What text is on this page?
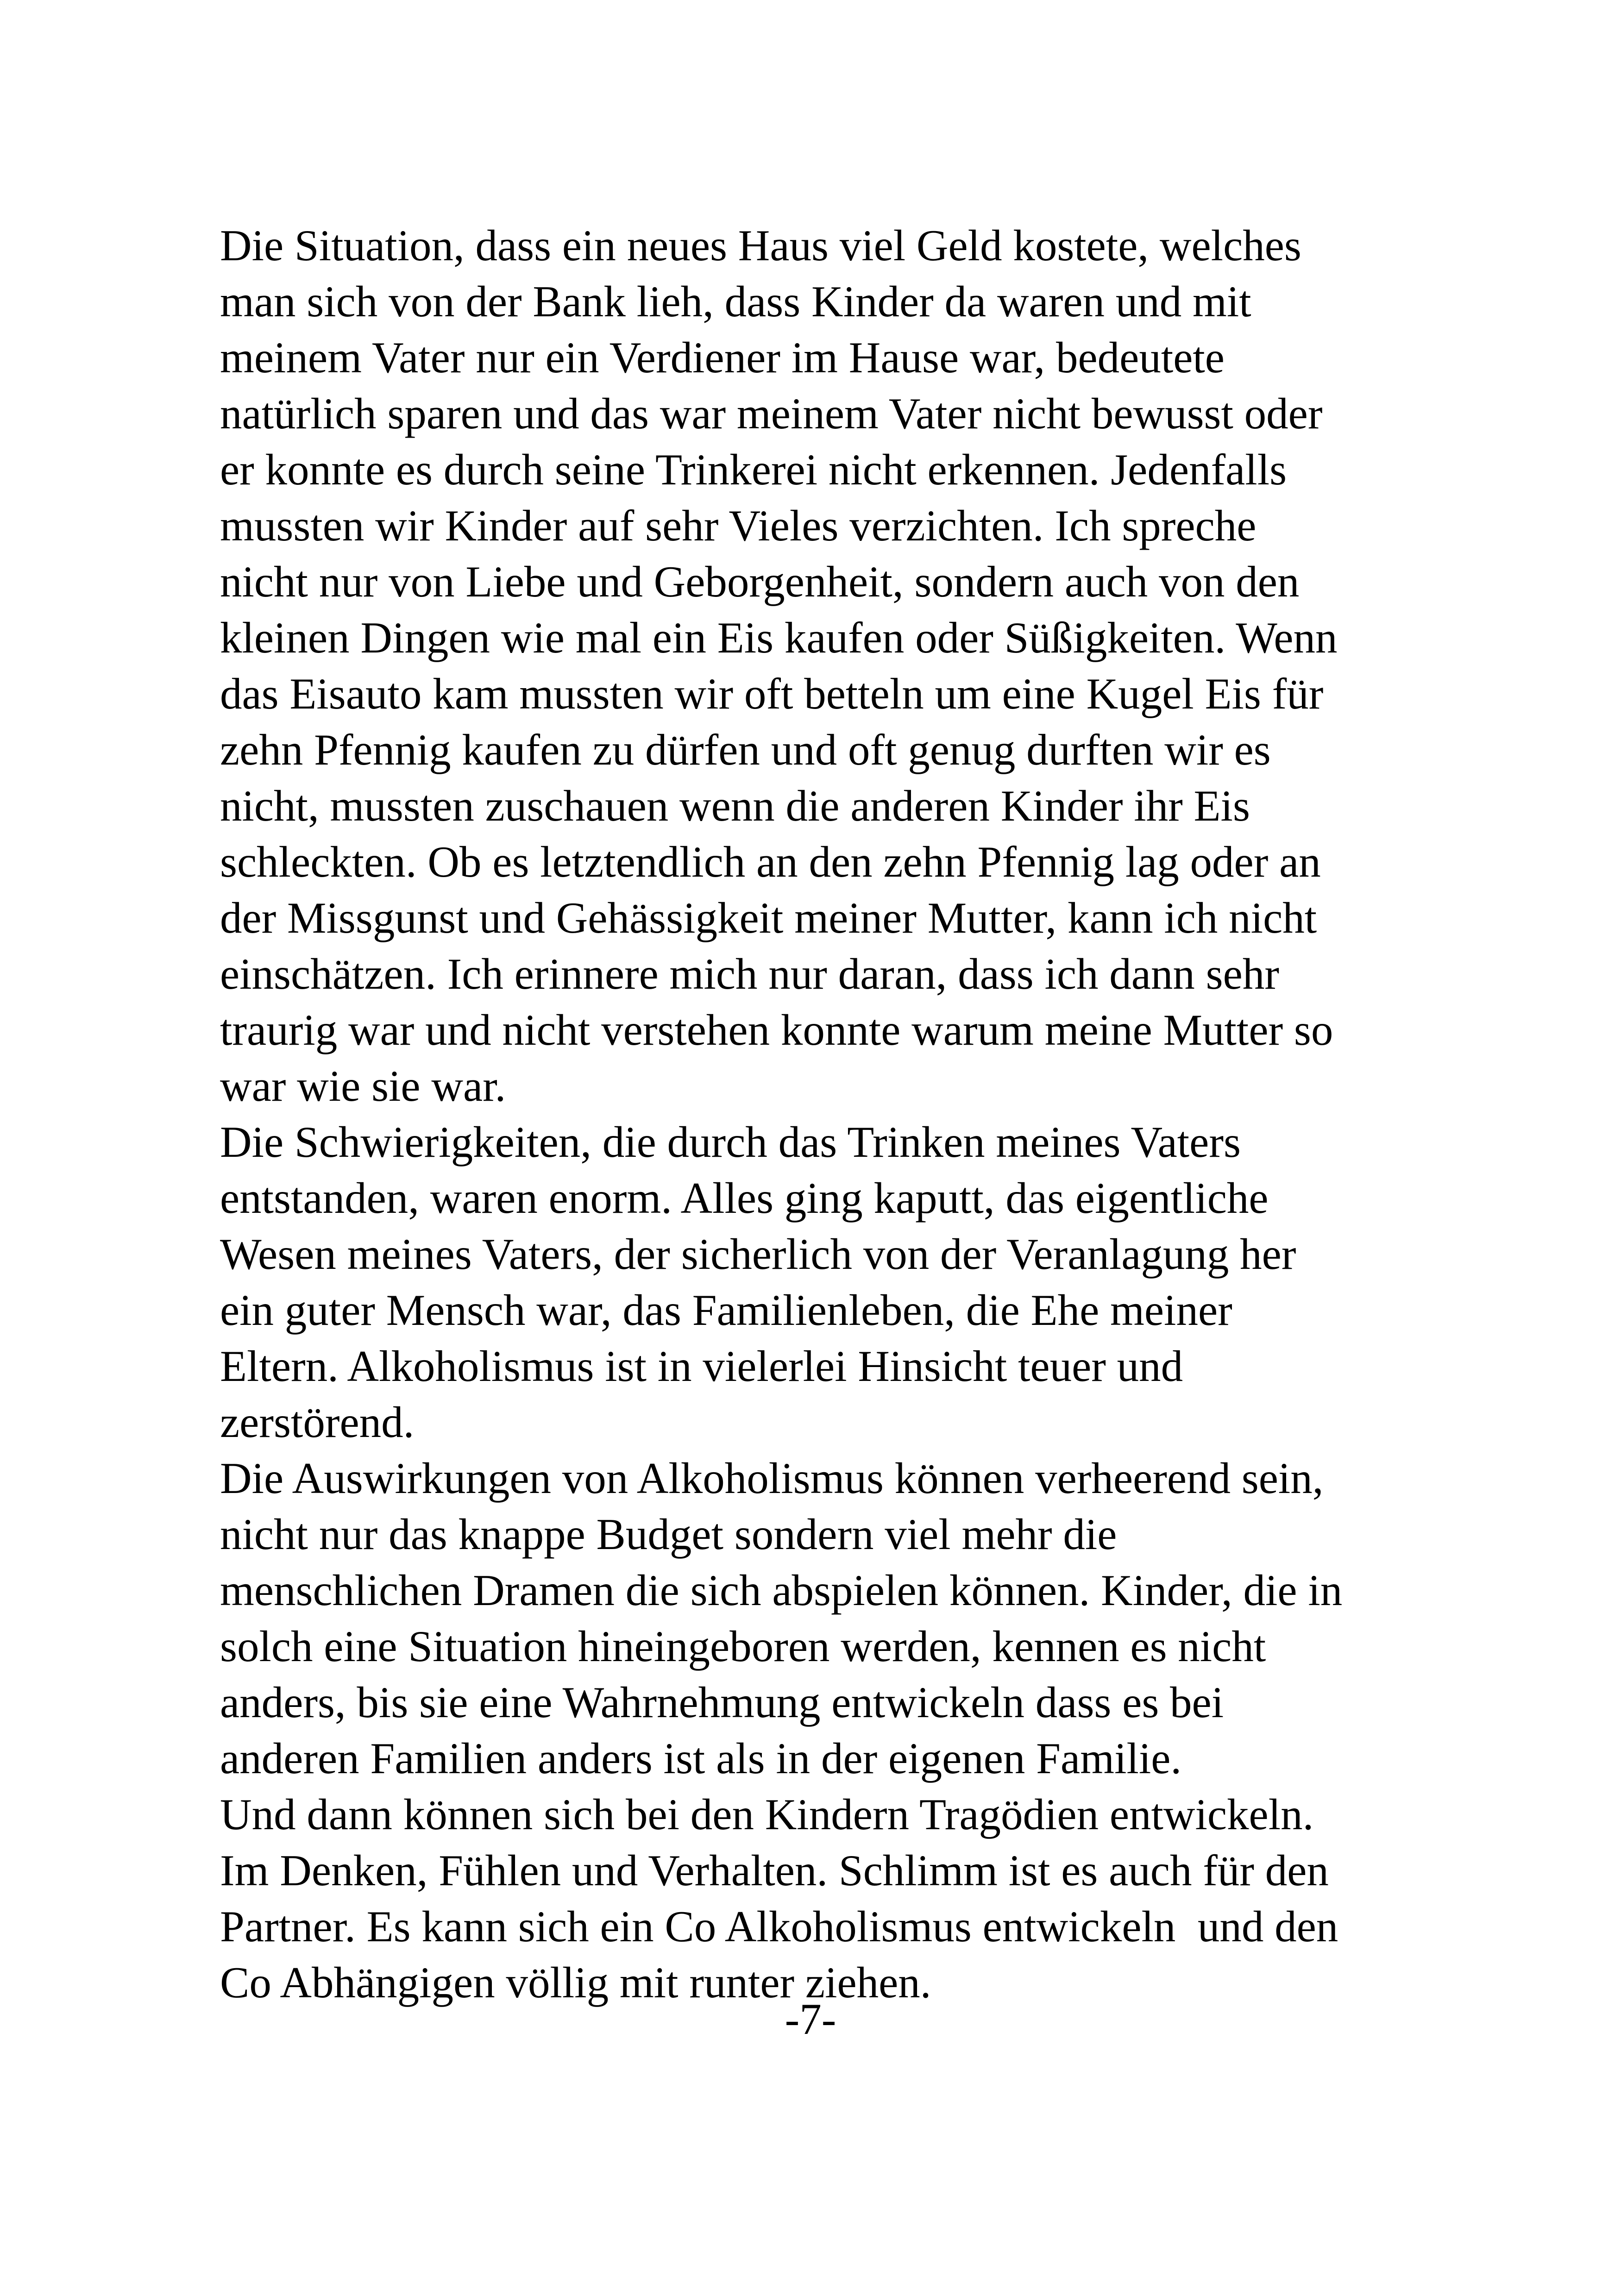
Die Situation, dass ein neues Haus viel Geld kostete, welches
man sich von der Bank lieh, dass Kinder da waren und mit
meinem Vater nur ein Verdiener im Hause war, bedeutete
natürlich sparen und das war meinem Vater nicht bewusst oder
er konnte es durch seine Trinkerei nicht erkennen. Jedenfalls
mussten wir Kinder auf sehr Vieles verzichten. Ich spreche
nicht nur von Liebe und Geborgenheit, sondern auch von den
kleinen Dingen wie mal ein Eis kaufen oder Süßigkeiten. Wenn
das Eisauto kam mussten wir oft betteln um eine Kugel Eis für
zehn Pfennig kaufen zu dürfen und oft genug durften wir es
nicht, mussten zuschauen wenn die anderen Kinder ihr Eis
schleckten. Ob es letztendlich an den zehn Pfennig lag oder an
der Missgunst und Gehässigkeit meiner Mutter, kann ich nicht
einschätzen. Ich erinnere mich nur daran, dass ich dann sehr
traurig war und nicht verstehen konnte warum meine Mutter so
war wie sie war.
Die Schwierigkeiten, die durch das Trinken meines Vaters
entstanden, waren enorm. Alles ging kaputt, das eigentliche
Wesen meines Vaters, der sicherlich von der Veranlagung her
ein guter Mensch war, das Familienleben, die Ehe meiner
Eltern. Alkoholismus ist in vielerlei Hinsicht teuer und
zerstörend.
Die Auswirkungen von Alkoholismus können verheerend sein,
nicht nur das knappe Budget sondern viel mehr die
menschlichen Dramen die sich abspielen können. Kinder, die in
solch eine Situation hineingeboren werden, kennen es nicht
anders, bis sie eine Wahrnehmung entwickeln dass es bei
anderen Familien anders ist als in der eigenen Familie.
Und dann können sich bei den Kindern Tragödien entwickeln.
Im Denken, Fühlen und Verhalten. Schlimm ist es auch für den
Partner. Es kann sich ein Co Alkoholismus entwickeln  und den
Co Abhängigen völlig mit runter ziehen.
-7-
